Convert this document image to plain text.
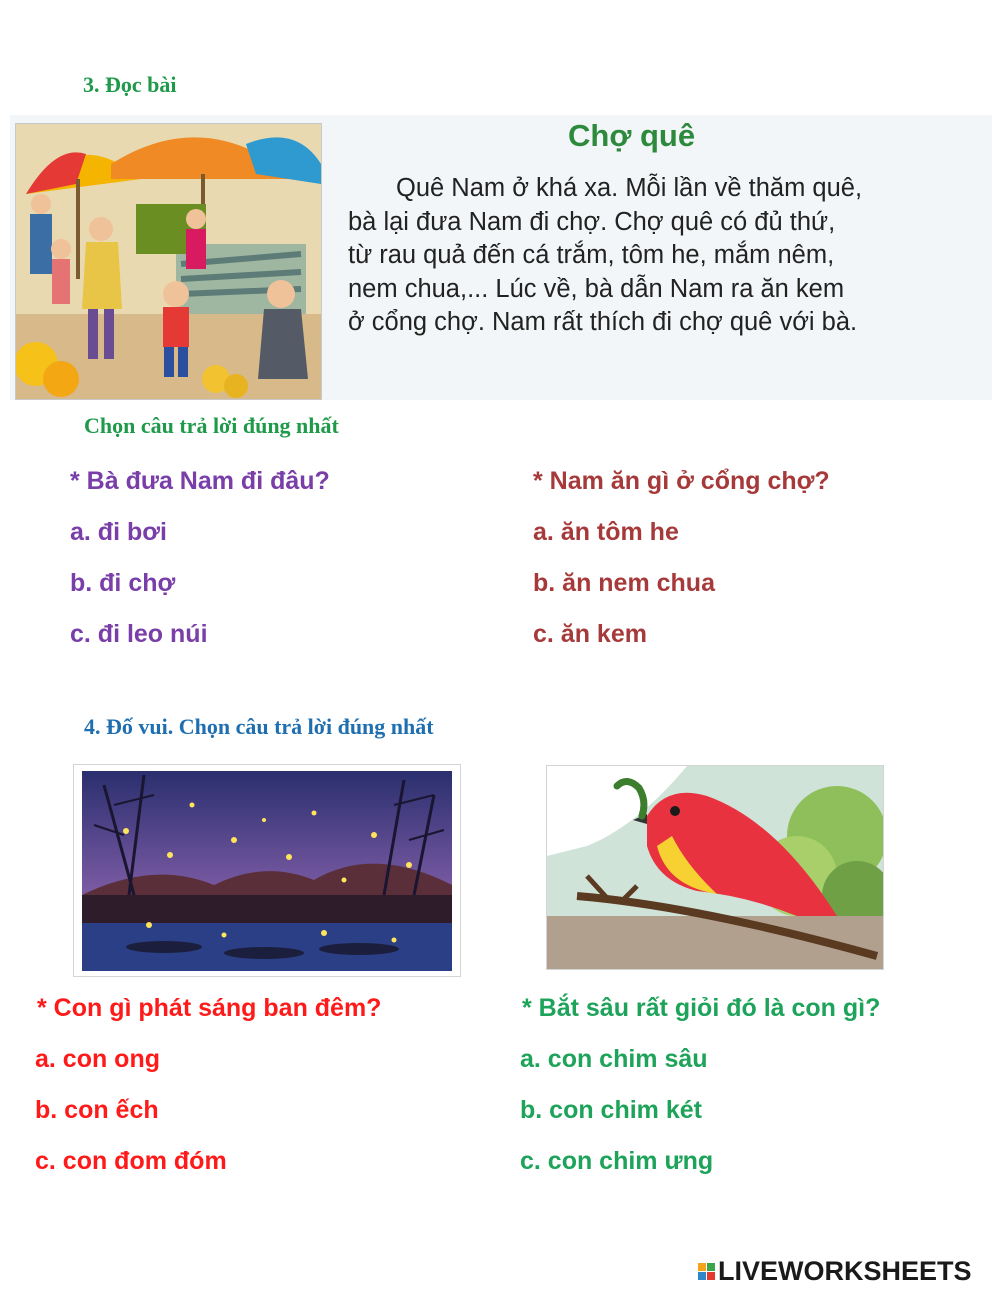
3. Đọc bài
Chợ quê
Quê Nam ở khá xa. Mỗi lần về thăm quê,
bà lại đưa Nam đi chợ. Chợ quê có đủ thứ,
từ rau quả đến cá trắm, tôm he, mắm nêm,
nem chua,... Lúc về, bà dẫn Nam ra ăn kem
ở cổng chợ. Nam rất thích đi chợ quê với bà.
Chọn câu trả lời đúng nhất
* Bà đưa Nam đi đâu?
a. đi bơi
b. đi chợ
c. đi leo núi
* Nam ăn gì ở cổng chợ?
a. ăn tôm he
b. ăn nem chua
c. ăn kem
4. Đố vui. Chọn câu trả lời đúng nhất
* Con gì phát sáng ban đêm?
a. con ong
b. con ếch
c. con đom đóm
* Bắt sâu rất giỏi đó là con gì?
a. con chim sâu
b. con chim két
c. con chim ưng
LIVEWORKSHEETS
